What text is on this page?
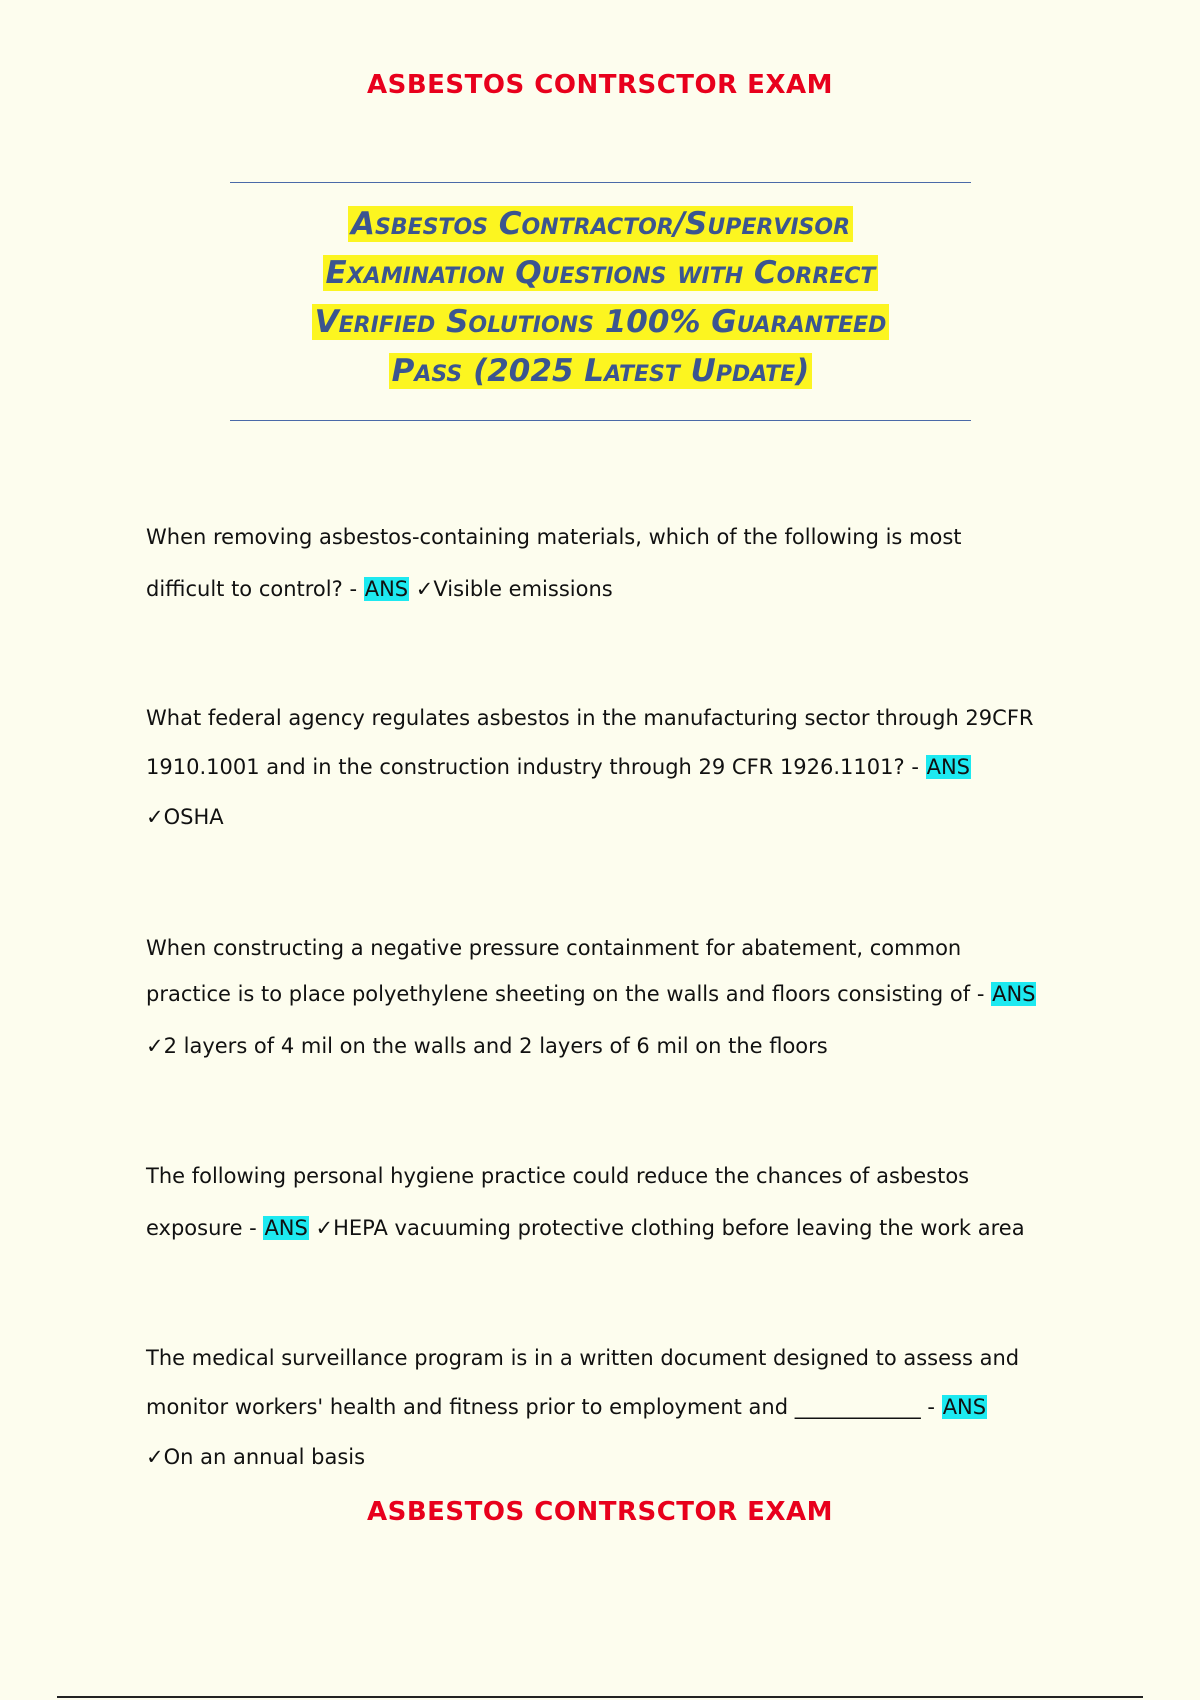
ASBESTOS CONTRSCTOR EXAM
Asbestos Contractor/Supervisor
Examination Questions with Correct
Verified Solutions 100% Guaranteed
Pass (2025 Latest Update)
When removing asbestos-containing materials, which of the following is most
difficult to control? - ANS ✓Visible emissions
What federal agency regulates asbestos in the manufacturing sector through 29CFR
1910.1001 and in the construction industry through 29 CFR 1926.1101? - ANS
✓OSHA
When constructing a negative pressure containment for abatement, common
practice is to place polyethylene sheeting on the walls and floors consisting of - ANS
✓2 layers of 4 mil on the walls and 2 layers of 6 mil on the floors
The following personal hygiene practice could reduce the chances of asbestos
exposure - ANS ✓HEPA vacuuming protective clothing before leaving the work area
The medical surveillance program is in a written document designed to assess and
monitor workers' health and fitness prior to employment and ____________ - ANS
✓On an annual basis
ASBESTOS CONTRSCTOR EXAM
